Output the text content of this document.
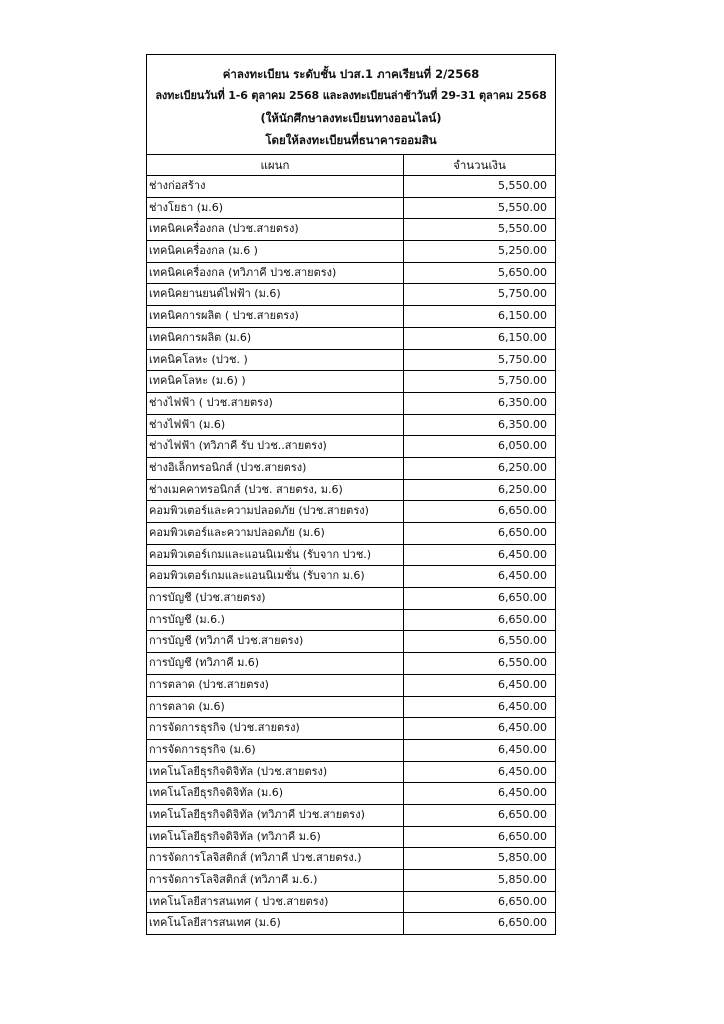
ค่าลงทะเบียน ระดับชั้น ปวส.1 ภาคเรียนที่ 2/2568
ลงทะเบียนวันที่ 1-6 ตุลาคม 2568 และลงทะเบียนล่าช้าวันที่ 29-31 ตุลาคม 2568
(ให้นักศึกษาลงทะเบียนทางออนไลน์)
โดยให้ลงทะเบียนที่ธนาคารออมสิน
แผนก	จำนวนเงิน
ช่างก่อสร้าง	5,550.00
ช่างโยธา (ม.6)	5,550.00
เทคนิคเครื่องกล (ปวช.สายตรง)	5,550.00
เทคนิคเครื่องกล (ม.6 )	5,250.00
เทคนิคเครื่องกล (ทวิภาคี ปวช.สายตรง)	5,650.00
เทคนิคยานยนต์ไฟฟ้า (ม.6)	5,750.00
เทคนิคการผลิต ( ปวช.สายตรง)	6,150.00
เทคนิคการผลิต (ม.6)	6,150.00
เทคนิคโลหะ (ปวช. )	5,750.00
เทคนิคโลหะ (ม.6) )	5,750.00
ช่างไฟฟ้า ( ปวช.สายตรง)	6,350.00
ช่างไฟฟ้า (ม.6)	6,350.00
ช่างไฟฟ้า (ทวิภาคี รับ ปวช..สายตรง)	6,050.00
ช่างอิเล็กทรอนิกส์ (ปวช.สายตรง)	6,250.00
ช่างเมคคาทรอนิกส์ (ปวช. สายตรง, ม.6)	6,250.00
คอมพิวเตอร์และความปลอดภัย (ปวช.สายตรง)	6,650.00
คอมพิวเตอร์และความปลอดภัย (ม.6)	6,650.00
คอมพิวเตอร์เกมและแอนนิเมชั่น (รับจาก ปวช.)	6,450.00
คอมพิวเตอร์เกมและแอนนิเมชั่น (รับจาก ม.6)	6,450.00
การบัญชี (ปวช.สายตรง)	6,650.00
การบัญชี (ม.6.)	6,650.00
การบัญชี (ทวิภาคี ปวช.สายตรง)	6,550.00
การบัญชี (ทวิภาคี ม.6)	6,550.00
การตลาด (ปวช.สายตรง)	6,450.00
การตลาด (ม.6)	6,450.00
การจัดการธุรกิจ (ปวช.สายตรง)	6,450.00
การจัดการธุรกิจ (ม.6)	6,450.00
เทคโนโลยีธุรกิจดิจิทัล (ปวช.สายตรง)	6,450.00
เทคโนโลยีธุรกิจดิจิทัล (ม.6)	6,450.00
เทคโนโลยีธุรกิจดิจิทัล (ทวิภาคี ปวช.สายตรง)	6,650.00
เทคโนโลยีธุรกิจดิจิทัล (ทวิภาคี ม.6)	6,650.00
การจัดการโลจิสติกส์ (ทวิภาคี ปวช.สายตรง.)	5,850.00
การจัดการโลจิสติกส์ (ทวิภาคี ม.6.)	5,850.00
เทคโนโลยีสารสนเทศ ( ปวช.สายตรง)	6,650.00
เทคโนโลยีสารสนเทศ (ม.6)	6,650.00
